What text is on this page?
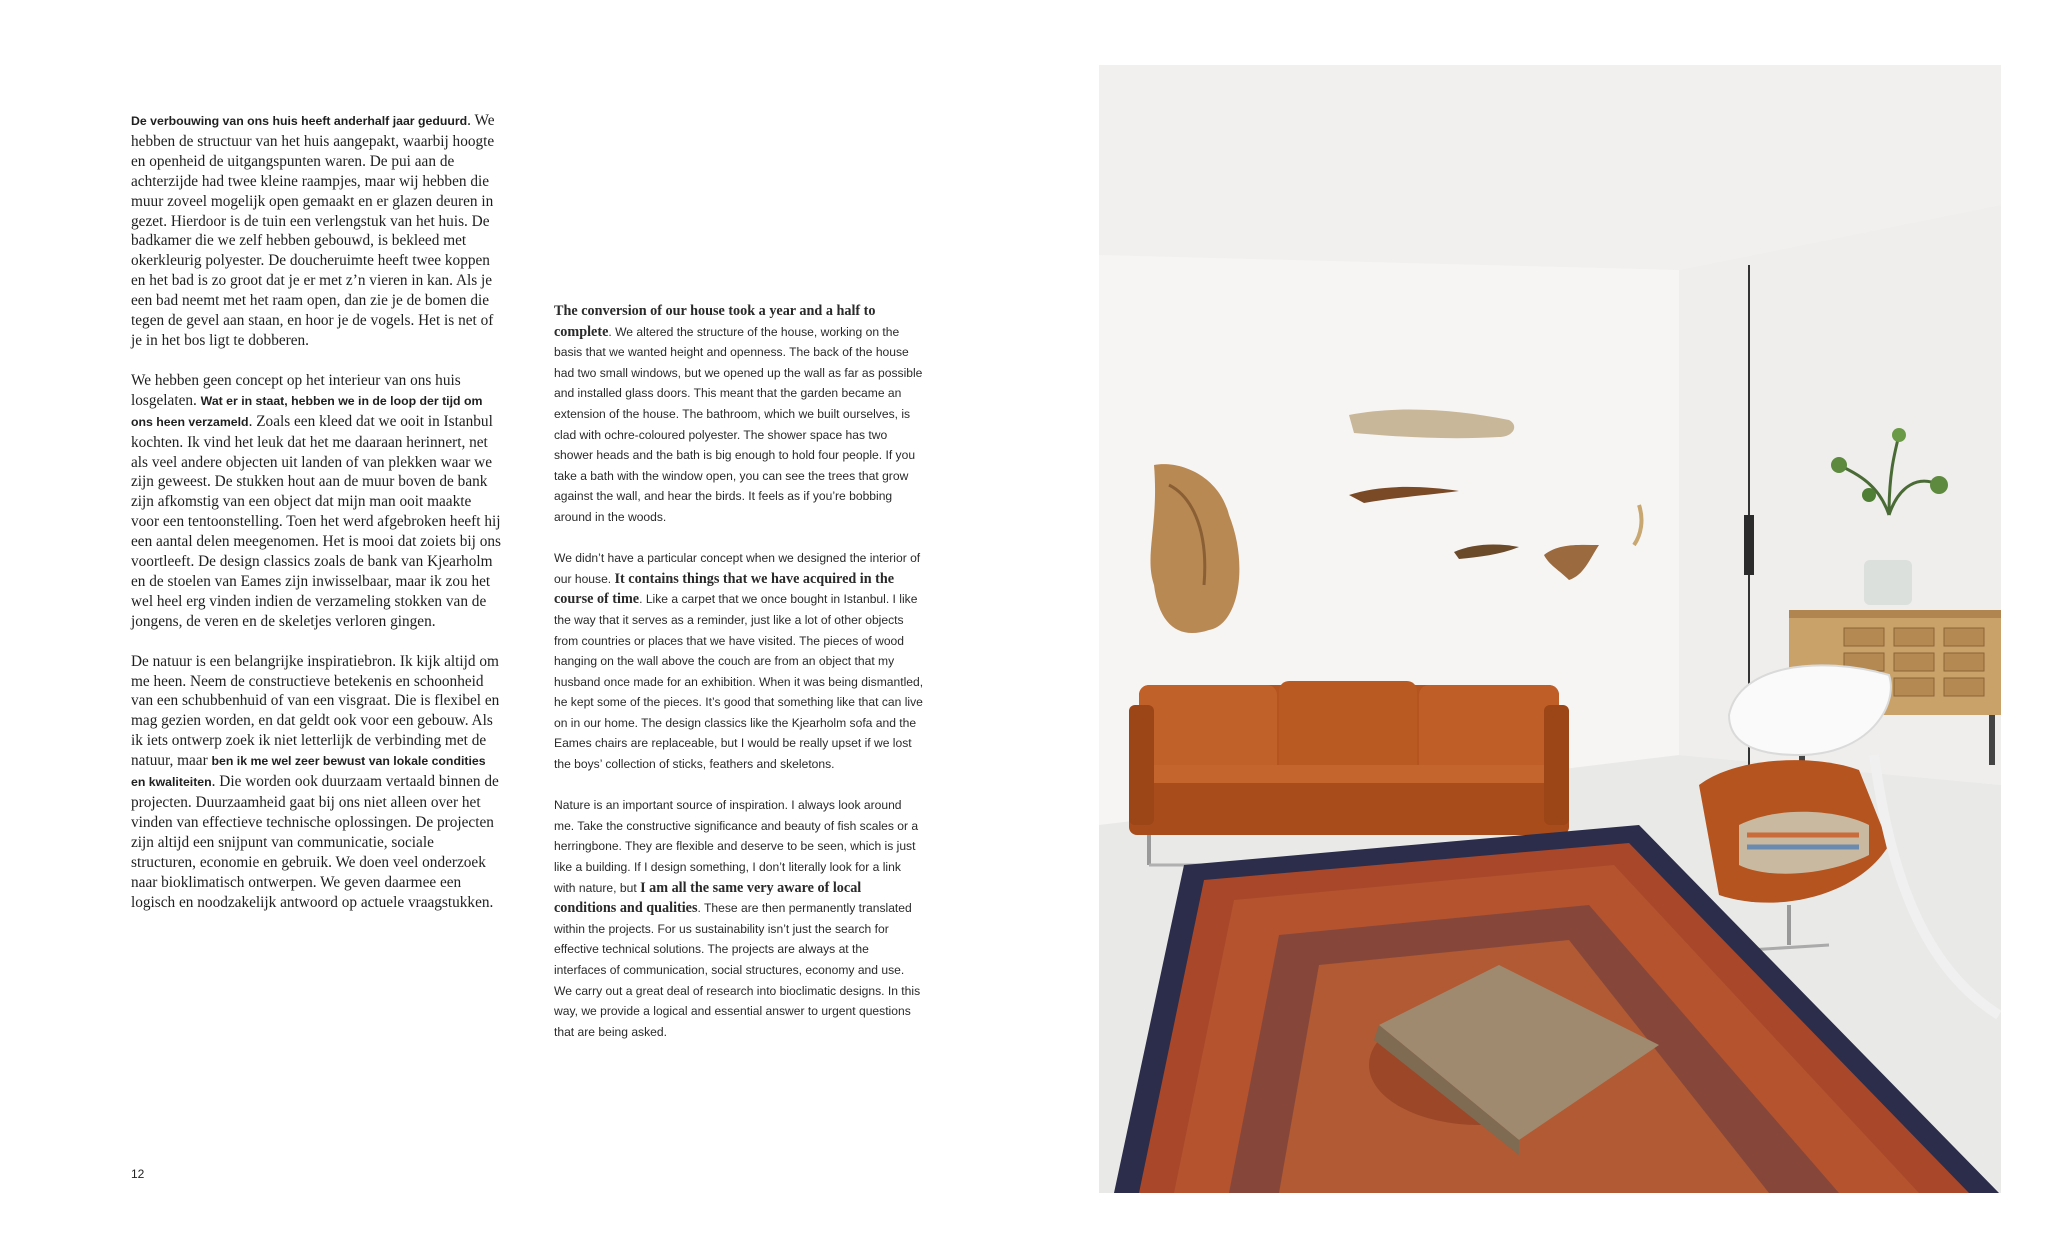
De verbouwing van ons huis heeft anderhalf jaar geduurd. We hebben de structuur van het huis aangepakt, waarbij hoogte en openheid de uitgangspunten waren. De pui aan de achterzijde had twee kleine raampjes, maar wij hebben die muur zoveel mogelijk open gemaakt en er glazen deuren in gezet. Hierdoor is de tuin een verlengstuk van het huis. De badkamer die we zelf hebben gebouwd, is bekleed met okerkleurig polyester. De doucheruimte heeft twee koppen en het bad is zo groot dat je er met z’n vieren in kan. Als je een bad neemt met het raam open, dan zie je de bomen die tegen de gevel aan staan, en hoor je de vogels. Het is net of je in het bos ligt te dobberen.

We hebben geen concept op het interieur van ons huis losgelaten. Wat er in staat, hebben we in de loop der tijd om ons heen verzameld. Zoals een kleed dat we ooit in Istanbul kochten. Ik vind het leuk dat het me daaraan herinnert, net als veel andere objecten uit landen of van plekken waar we zijn geweest. De stukken hout aan de muur boven de bank zijn afkomstig van een object dat mijn man ooit maakte voor een tentoonstelling. Toen het werd afgebroken heeft hij een aantal delen meegenomen. Het is mooi dat zoiets bij ons voortleeft. De design classics zoals de bank van Kjearholm en de stoelen van Eames zijn inwisselbaar, maar ik zou het wel heel erg vinden indien de verzameling stokken van de jongens, de veren en de skeletjes verloren gingen.

De natuur is een belangrijke inspiratiebron. Ik kijk altijd om me heen. Neem de constructieve betekenis en schoonheid van een schubbenhuid of van een visgraat. Die is flexibel en mag gezien worden, en dat geldt ook voor een gebouw. Als ik iets ontwerp zoek ik niet letterlijk de verbinding met de natuur, maar ben ik me wel zeer bewust van lokale condities en kwaliteiten. Die worden ook duurzaam vertaald binnen de projecten. Duurzaamheid gaat bij ons niet alleen over het vinden van effectieve technische oplossingen. De projecten zijn altijd een snijpunt van communicatie, sociale structuren, economie en gebruik. We doen veel onderzoek naar bioklimatisch ontwerpen. We geven daarmee een logisch en noodzakelijk antwoord op actuele vraagstukken.

The conversion of our house took a year and a half to complete. We altered the structure of the house, working on the basis that we wanted height and openness. The back of the house had two small windows, but we opened up the wall as far as possible and installed glass doors. This meant that the garden became an extension of the house. The bathroom, which we built ourselves, is clad with ochre-coloured polyester. The shower space has two shower heads and the bath is big enough to hold four people. If you take a bath with the window open, you can see the trees that grow against the wall, and hear the birds. It feels as if you’re bobbing around in the woods.

We didn’t have a particular concept when we designed the interior of our house. It contains things that we have acquired in the course of time. Like a carpet that we once bought in Istanbul. I like the way that it serves as a reminder, just like a lot of other objects from countries or places that we have visited. The pieces of wood hanging on the wall above the couch are from an object that my husband once made for an exhibition. When it was being dismantled, he kept some of the pieces. It’s good that something like that can live on in our home. The design classics like the Kjearholm sofa and the Eames chairs are replaceable, but I would be really upset if we lost the boys’ collection of sticks, feathers and skeletons.

Nature is an important source of inspiration. I always look around me. Take the constructive significance and beauty of fish scales or a herringbone. They are flexible and deserve to be seen, which is just like a building. If I design something, I don’t literally look for a link with nature, but I am all the same very aware of local conditions and qualities. These are then permanently translated within the projects. For us sustainability isn’t just the search for effective technical solutions. The projects are always at the interfaces of communication, social structures, economy and use. We carry out a great deal of research into bioclimatic designs. In this way, we provide a logical and essential answer to urgent questions that are being asked.

12
